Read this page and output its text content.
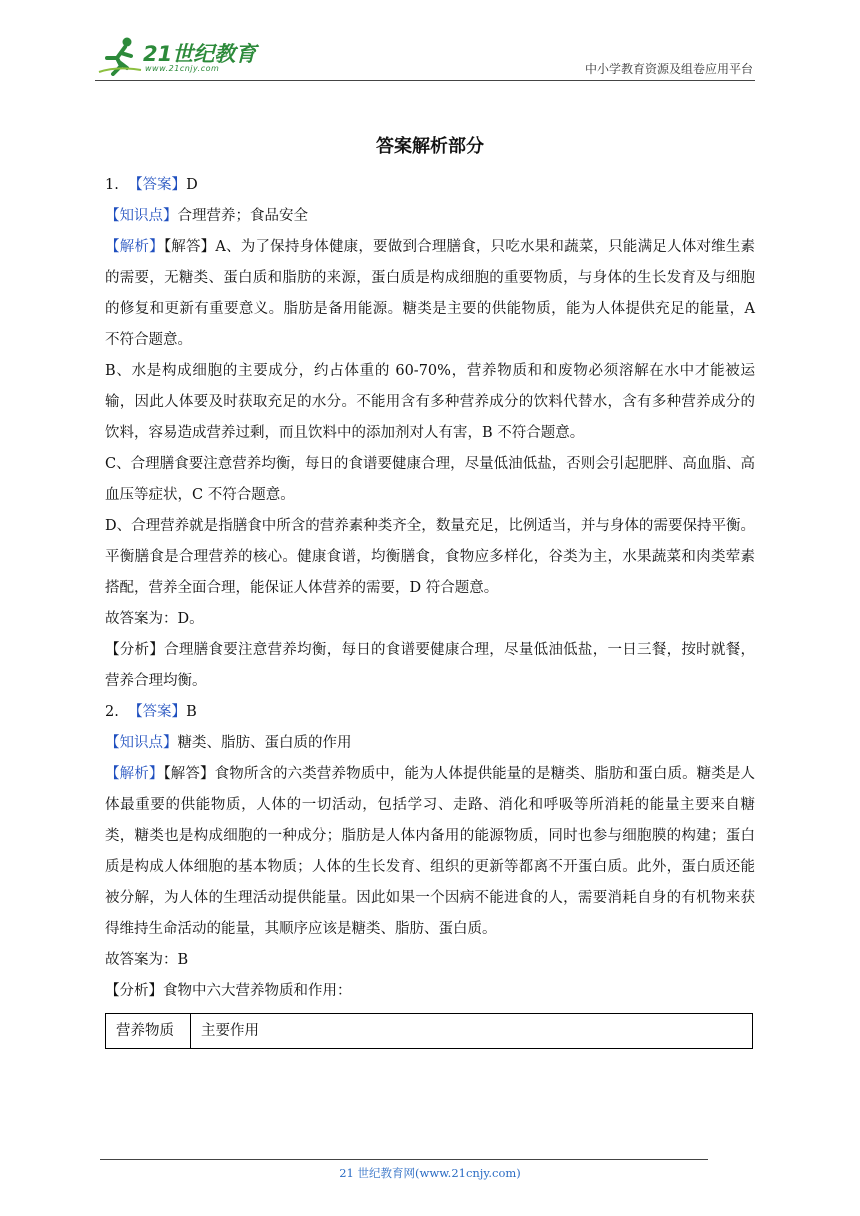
21世纪教育
www.21cnjy.com	中小学教育资源及组卷应用平台
答案解析部分

1. 【答案】D

【知识点】合理营养；食品安全

【解析】【解答】A、为了保持身体健康，要做到合理膳食，只吃水果和蔬菜，只能满足人体对维生素的需要，无糖类、蛋白质和脂肪的来源，蛋白质是构成细胞的重要物质，与身体的生长发育及与细胞的修复和更新有重要意义。脂肪是备用能源。糖类是主要的供能物质，能为人体提供充足的能量，A 不符合题意。

B、水是构成细胞的主要成分，约占体重的 60-70%，营养物质和和废物必须溶解在水中才能被运输，因此人体要及时获取充足的水分。不能用含有多种营养成分的饮料代替水，含有多种营养成分的饮料，容易造成营养过剩，而且饮料中的添加剂对人有害，B 不符合题意。

C、合理膳食要注意营养均衡，每日的食谱要健康合理，尽量低油低盐，否则会引起肥胖、高血脂、高血压等症状，C 不符合题意。

D、合理营养就是指膳食中所含的营养素种类齐全，数量充足，比例适当，并与身体的需要保持平衡。平衡膳食是合理营养的核心。健康食谱，均衡膳食，食物应多样化，谷类为主，水果蔬菜和肉类荤素搭配，营养全面合理，能保证人体营养的需要，D 符合题意。

故答案为：D。

【分析】合理膳食要注意营养均衡，每日的食谱要健康合理，尽量低油低盐，一日三餐，按时就餐，营养合理均衡。

2. 【答案】B

【知识点】糖类、脂肪、蛋白质的作用

【解析】【解答】食物所含的六类营养物质中，能为人体提供能量的是糖类、脂肪和蛋白质。糖类是人体最重要的供能物质，人体的一切活动，包括学习、走路、消化和呼吸等所消耗的能量主要来自糖类，糖类也是构成细胞的一种成分；脂肪是人体内备用的能源物质，同时也参与细胞膜的构建；蛋白质是构成人体细胞的基本物质；人体的生长发育、组织的更新等都离不开蛋白质。此外，蛋白质还能被分解，为人体的生理活动提供能量。因此如果一个因病不能进食的人，需要消耗自身的有机物来获得维持生命活动的能量，其顺序应该是糖类、脂肪、蛋白质。

故答案为：B

【分析】食物中六大营养物质和作用：

营养物质	主要作用
21 世纪教育网(www.21cnjy.com)
